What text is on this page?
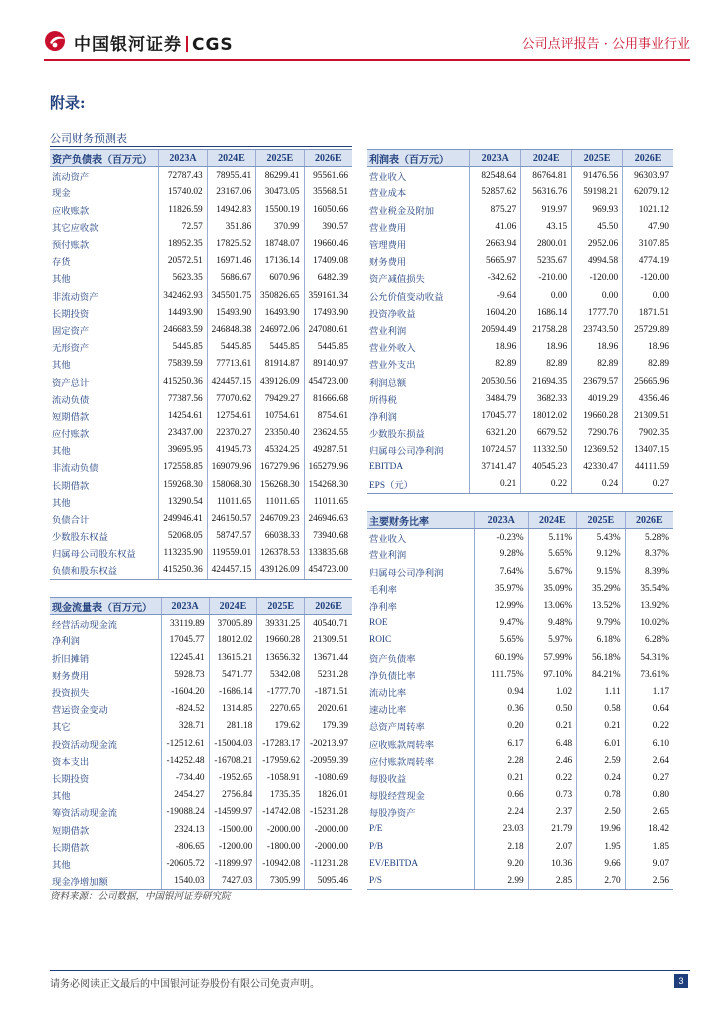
中国银河证券 CGS	公司点评报告 · 公用事业行业
附录:
公司财务预测表
资产负债表（百万元）	2023A	2024E	2025E	2026E
流动资产	72787.43	78955.41	86299.41	95561.66
现金	15740.02	23167.06	30473.05	35568.51
应收账款	11826.59	14942.83	15500.19	16050.66
其它应收款	72.57	351.86	370.99	390.57
预付账款	18952.35	17825.52	18748.07	19660.46
存货	20572.51	16971.46	17136.14	17409.08
其他	5623.35	5686.67	6070.96	6482.39
非流动资产	342462.93	345501.75	350826.65	359161.34
长期投资	14493.90	15493.90	16493.90	17493.90
固定资产	246683.59	246848.38	246972.06	247080.61
无形资产	5445.85	5445.85	5445.85	5445.85
其他	75839.59	77713.61	81914.87	89140.97
资产总计	415250.36	424457.15	439126.09	454723.00
流动负债	77387.56	77070.62	79429.27	81666.68
短期借款	14254.61	12754.61	10754.61	8754.61
应付账款	23437.00	22370.27	23350.40	23624.55
其他	39695.95	41945.73	45324.25	49287.51
非流动负债	172558.85	169079.96	167279.96	165279.96
长期借款	159268.30	158068.30	156268.30	154268.30
其他	13290.54	11011.65	11011.65	11011.65
负债合计	249946.41	246150.57	246709.23	246946.63
少数股东权益	52068.05	58747.57	66038.33	73940.68
归属母公司股东权益	113235.90	119559.01	126378.53	133835.68
负债和股东权益	415250.36	424457.15	439126.09	454723.00
利润表（百万元）	2023A	2024E	2025E	2026E
营业收入	82548.64	86764.81	91476.56	96303.97
营业成本	52857.62	56316.76	59198.21	62079.12
营业税金及附加	875.27	919.97	969.93	1021.12
营业费用	41.06	43.15	45.50	47.90
管理费用	2663.94	2800.01	2952.06	3107.85
财务费用	5665.97	5235.67	4994.58	4774.19
资产减值损失	-342.62	-210.00	-120.00	-120.00
公允价值变动收益	-9.64	0.00	0.00	0.00
投资净收益	1604.20	1686.14	1777.70	1871.51
营业利润	20594.49	21758.28	23743.50	25729.89
营业外收入	18.96	18.96	18.96	18.96
营业外支出	82.89	82.89	82.89	82.89
利润总额	20530.56	21694.35	23679.57	25665.96
所得税	3484.79	3682.33	4019.29	4356.46
净利润	17045.77	18012.02	19660.28	21309.51
少数股东损益	6321.20	6679.52	7290.76	7902.35
归属母公司净利润	10724.57	11332.50	12369.52	13407.15
EBITDA	37141.47	40545.23	42330.47	44111.59
EPS（元）	0.21	0.22	0.24	0.27
主要财务比率	2023A	2024E	2025E	2026E
营业收入	-0.23%	5.11%	5.43%	5.28%
营业利润	9.28%	5.65%	9.12%	8.37%
归属母公司净利润	7.64%	5.67%	9.15%	8.39%
毛利率	35.97%	35.09%	35.29%	35.54%
净利率	12.99%	13.06%	13.52%	13.92%
ROE	9.47%	9.48%	9.79%	10.02%
ROIC	5.65%	5.97%	6.18%	6.28%
资产负债率	60.19%	57.99%	56.18%	54.31%
净负债比率	111.75%	97.10%	84.21%	73.61%
流动比率	0.94	1.02	1.11	1.17
速动比率	0.36	0.50	0.58	0.64
总资产周转率	0.20	0.21	0.21	0.22
应收账款周转率	6.17	6.48	6.01	6.10
应付账款周转率	2.28	2.46	2.59	2.64
每股收益	0.21	0.22	0.24	0.27
每股经营现金	0.66	0.73	0.78	0.80
每股净资产	2.24	2.37	2.50	2.65
P/E	23.03	21.79	19.96	18.42
P/B	2.18	2.07	1.95	1.85
EV/EBITDA	9.20	10.36	9.66	9.07
P/S	2.99	2.85	2.70	2.56
现金流量表（百万元）	2023A	2024E	2025E	2026E
经营活动现金流	33119.89	37005.89	39331.25	40540.71
净利润	17045.77	18012.02	19660.28	21309.51
折旧摊销	12245.41	13615.21	13656.32	13671.44
财务费用	5928.73	5471.77	5342.08	5231.28
投资损失	-1604.20	-1686.14	-1777.70	-1871.51
营运资金变动	-824.52	1314.85	2270.65	2020.61
其它	328.71	281.18	179.62	179.39
投资活动现金流	-12512.61	-15004.03	-17283.17	-20213.97
资本支出	-14252.48	-16708.21	-17959.62	-20959.39
长期投资	-734.40	-1952.65	-1058.91	-1080.69
其他	2454.27	2756.84	1735.35	1826.01
筹资活动现金流	-19088.24	-14599.97	-14742.08	-15231.28
短期借款	2324.13	-1500.00	-2000.00	-2000.00
长期借款	-806.65	-1200.00	-1800.00	-2000.00
其他	-20605.72	-11899.97	-10942.08	-11231.28
现金净增加额	1540.03	7427.03	7305.99	5095.46
资料来源：公司数据，中国银河证券研究院
请务必阅读正文最后的中国银河证券股份有限公司免责声明。	3
